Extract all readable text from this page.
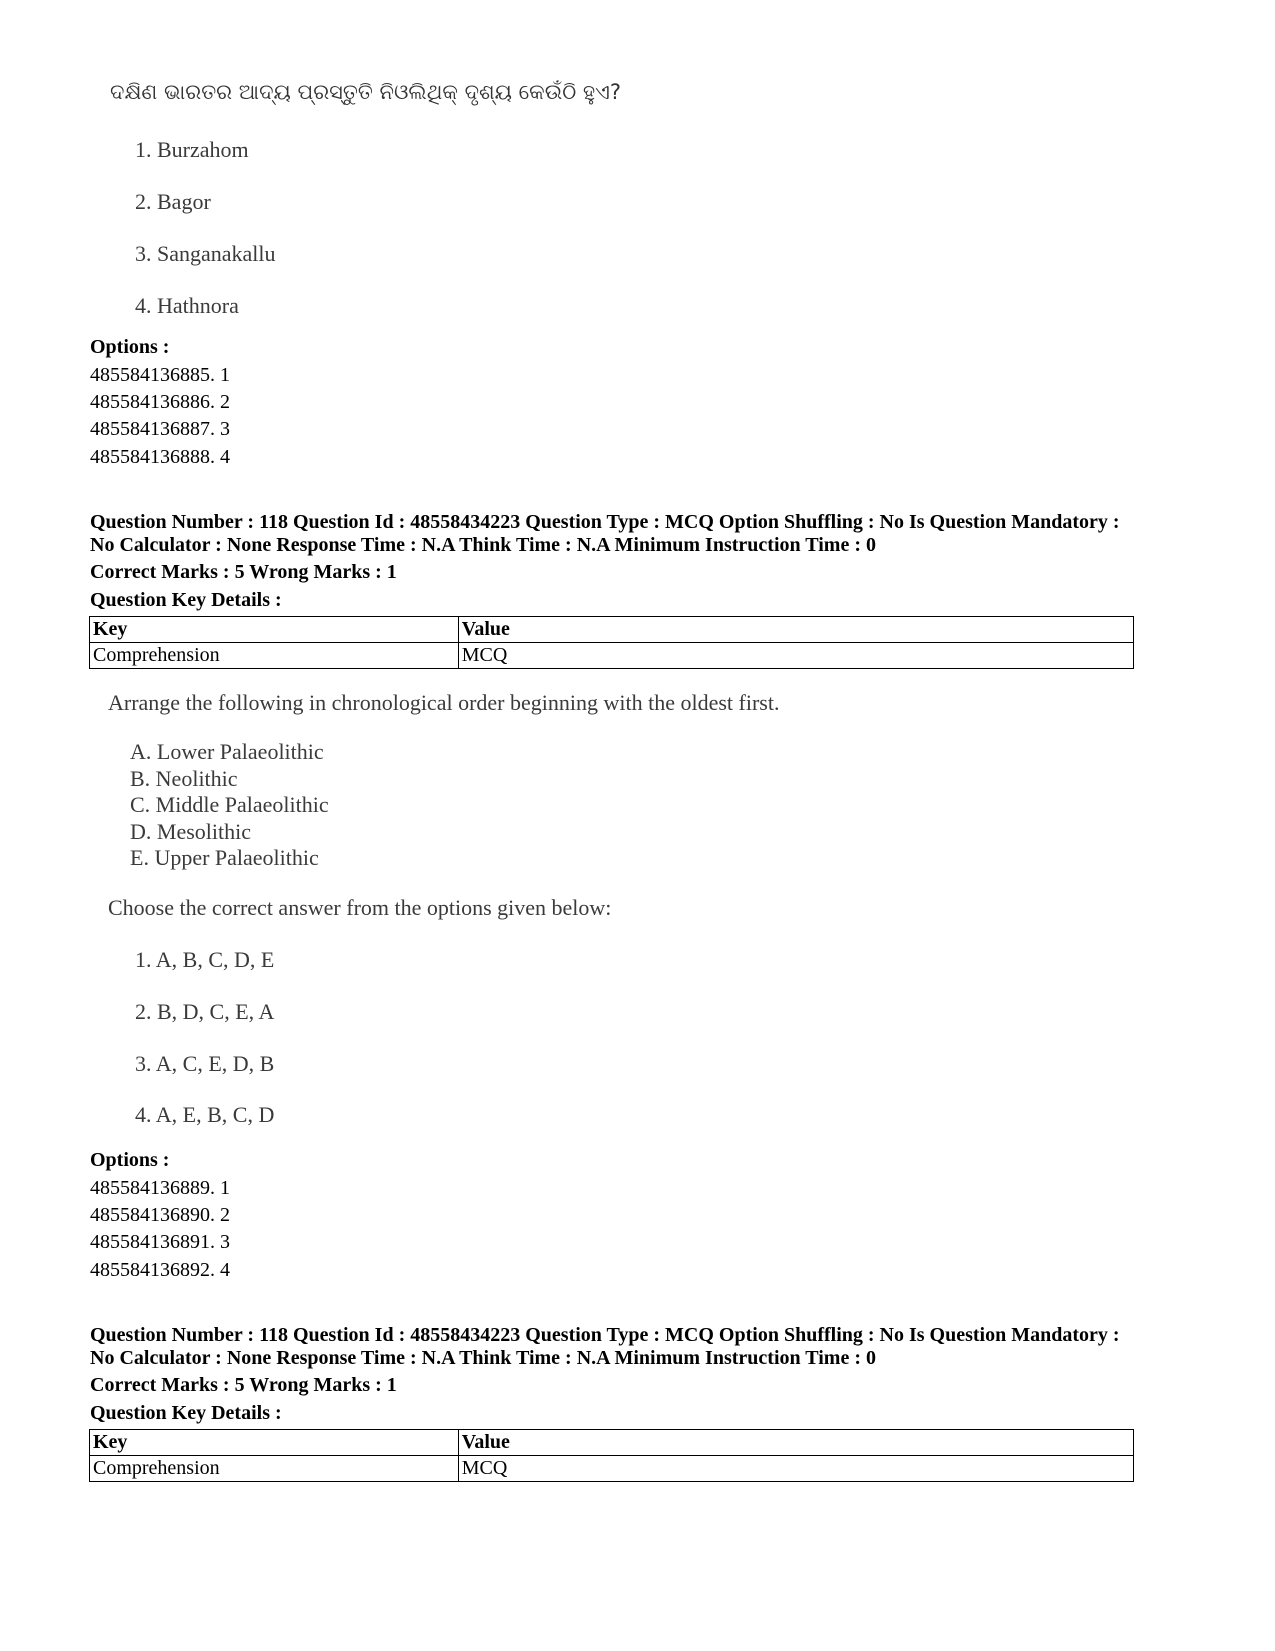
ଦକ୍ଷିଣ ଭାରତର ଆଦ୍ୟ ପ୍ରସ୍ତୁତି ନିଓଲିଥିକ୍ ଦୃଶ୍ୟ କେଉଁଠି ହୁଏ?
1. Burzahom
2. Bagor
3. Sanganakallu
4. Hathnora
Options :
485584136885. 1
485584136886. 2
485584136887. 3
485584136888. 4
Question Number : 118 Question Id : 48558434223 Question Type : MCQ Option Shuffling : No Is Question Mandatory :
No Calculator : None Response Time : N.A Think Time : N.A Minimum Instruction Time : 0
Correct Marks : 5 Wrong Marks : 1
Question Key Details :
Key	Value
Comprehension	MCQ
Arrange the following in chronological order beginning with the oldest first.
A. Lower Palaeolithic
B. Neolithic
C. Middle Palaeolithic
D. Mesolithic
E. Upper Palaeolithic
Choose the correct answer from the options given below:
1. A, B, C, D, E
2. B, D, C, E, A
3. A, C, E, D, B
4. A, E, B, C, D
Options :
485584136889. 1
485584136890. 2
485584136891. 3
485584136892. 4
Question Number : 118 Question Id : 48558434223 Question Type : MCQ Option Shuffling : No Is Question Mandatory :
No Calculator : None Response Time : N.A Think Time : N.A Minimum Instruction Time : 0
Correct Marks : 5 Wrong Marks : 1
Question Key Details :
Key	Value
Comprehension	MCQ
